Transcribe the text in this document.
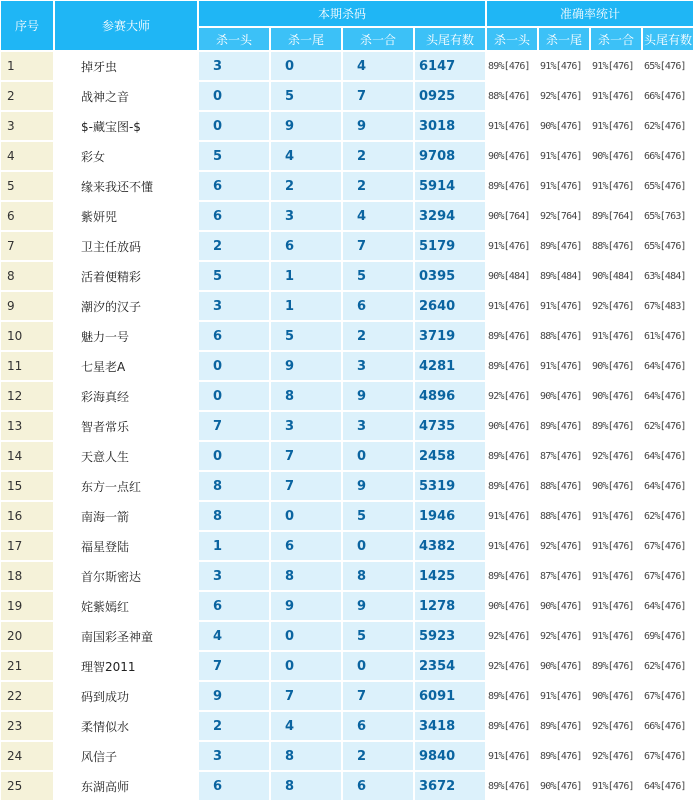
序号	参赛大师	本期杀码				准确率统计			
		杀一头	杀一尾	杀一合	头尾有数	杀一头	杀一尾	杀一合	头尾有数
1	掉牙虫	3	0	4	6147	89%[476]	91%[476]	91%[476]	65%[476]
2	战神之音	0	5	7	0925	88%[476]	92%[476]	91%[476]	66%[476]
3	$-藏宝图-$	0	9	9	3018	91%[476]	90%[476]	91%[476]	62%[476]
4	彩女	5	4	2	9708	90%[476]	91%[476]	90%[476]	66%[476]
5	缘来我还不懂	6	2	2	5914	89%[476]	91%[476]	91%[476]	65%[476]
6	紫妍兕	6	3	4	3294	90%[764]	92%[764]	89%[764]	65%[763]
7	卫主任放码	2	6	7	5179	91%[476]	89%[476]	88%[476]	65%[476]
8	活着便精彩	5	1	5	0395	90%[484]	89%[484]	90%[484]	63%[484]
9	潮汐的汉子	3	1	6	2640	91%[476]	91%[476]	92%[476]	67%[483]
10	魅力一号	6	5	2	3719	89%[476]	88%[476]	91%[476]	61%[476]
11	七星老A	0	9	3	4281	89%[476]	91%[476]	90%[476]	64%[476]
12	彩海真经	0	8	9	4896	92%[476]	90%[476]	90%[476]	64%[476]
13	智者常乐	7	3	3	4735	90%[476]	89%[476]	89%[476]	62%[476]
14	天意人生	0	7	0	2458	89%[476]	87%[476]	92%[476]	64%[476]
15	东方一点红	8	7	9	5319	89%[476]	88%[476]	90%[476]	64%[476]
16	南海一箭	8	0	5	1946	91%[476]	88%[476]	91%[476]	62%[476]
17	福星登陆	1	6	0	4382	91%[476]	92%[476]	91%[476]	67%[476]
18	首尔斯密达	3	8	8	1425	89%[476]	87%[476]	91%[476]	67%[476]
19	姹紫嫣红	6	9	9	1278	90%[476]	90%[476]	91%[476]	64%[476]
20	南国彩圣神童	4	0	5	5923	92%[476]	92%[476]	91%[476]	69%[476]
21	理智2011	7	0	0	2354	92%[476]	90%[476]	89%[476]	62%[476]
22	码到成功	9	7	7	6091	89%[476]	91%[476]	90%[476]	67%[476]
23	柔情似水	2	4	6	3418	89%[476]	89%[476]	92%[476]	66%[476]
24	风信子	3	8	2	9840	91%[476]	89%[476]	92%[476]	67%[476]
25	东湖高师	6	8	6	3672	89%[476]	90%[476]	91%[476]	64%[476]
